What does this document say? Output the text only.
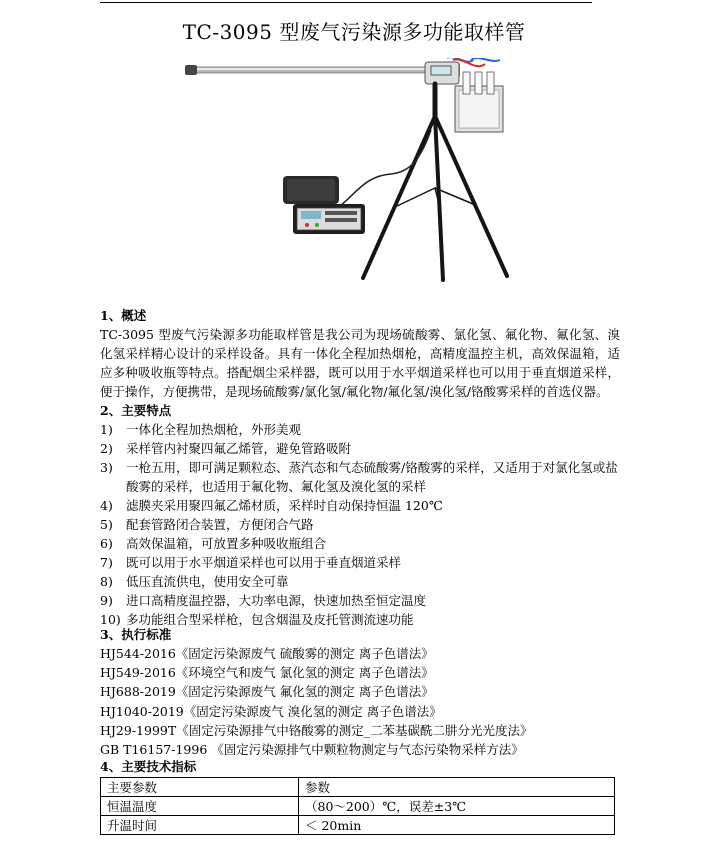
TC-3095 型废气污染源多功能取样管

1、概述

TC-3095 型废气污染源多功能取样管是我公司为现场硫酸雾、氯化氢、氟化物、氟化氢、溴化氢采样精心设计的采样设备。具有一体化全程加热烟枪，高精度温控主机，高效保温箱，适应多种吸收瓶等特点。搭配烟尘采样器，既可以用于水平烟道采样也可以用于垂直烟道采样，便于操作，方便携带，是现场硫酸雾/氯化氢/氟化物/氟化氢/溴化氢/铬酸雾采样的首选仪器。

2、主要特点

1) 一体化全程加热烟枪，外形美观
2) 采样管内衬聚四氟乙烯管，避免管路吸附
3) 一枪五用，即可满足颗粒态、蒸汽态和气态硫酸雾/铬酸雾的采样，又适用于对氯化氢或盐酸雾的采样，也适用于氟化物、氟化氢及溴化氢的采样
4) 滤膜夹采用聚四氟乙烯材质，采样时自动保持恒温 120℃
5) 配套管路闭合装置，方便闭合气路
6) 高效保温箱，可放置多种吸收瓶组合
7) 既可以用于水平烟道采样也可以用于垂直烟道采样
8) 低压直流供电，使用安全可靠
9) 进口高精度温控器，大功率电源，快速加热至恒定温度
10) 多功能组合型采样枪，包含烟温及皮托管测流速功能

3、执行标准

HJ544-2016《固定污染源废气 硫酸雾的测定 离子色谱法》

HJ549-2016《环境空气和废气 氯化氢的测定 离子色谱法》

HJ688-2019《固定污染源废气 氟化氢的测定 离子色谱法》

HJ1040-2019《固定污染源废气 溴化氢的测定 离子色谱法》

HJ29-1999T《固定污染源排气中铬酸雾的测定_二苯基碳酰二肼分光光度法》

GB T16157-1996 《固定污染源排气中颗粒物测定与气态污染物采样方法》

4、主要技术指标

主要参数	参数
恒温温度	（80～200）℃，误差±3℃
升温时间	＜ 20min
